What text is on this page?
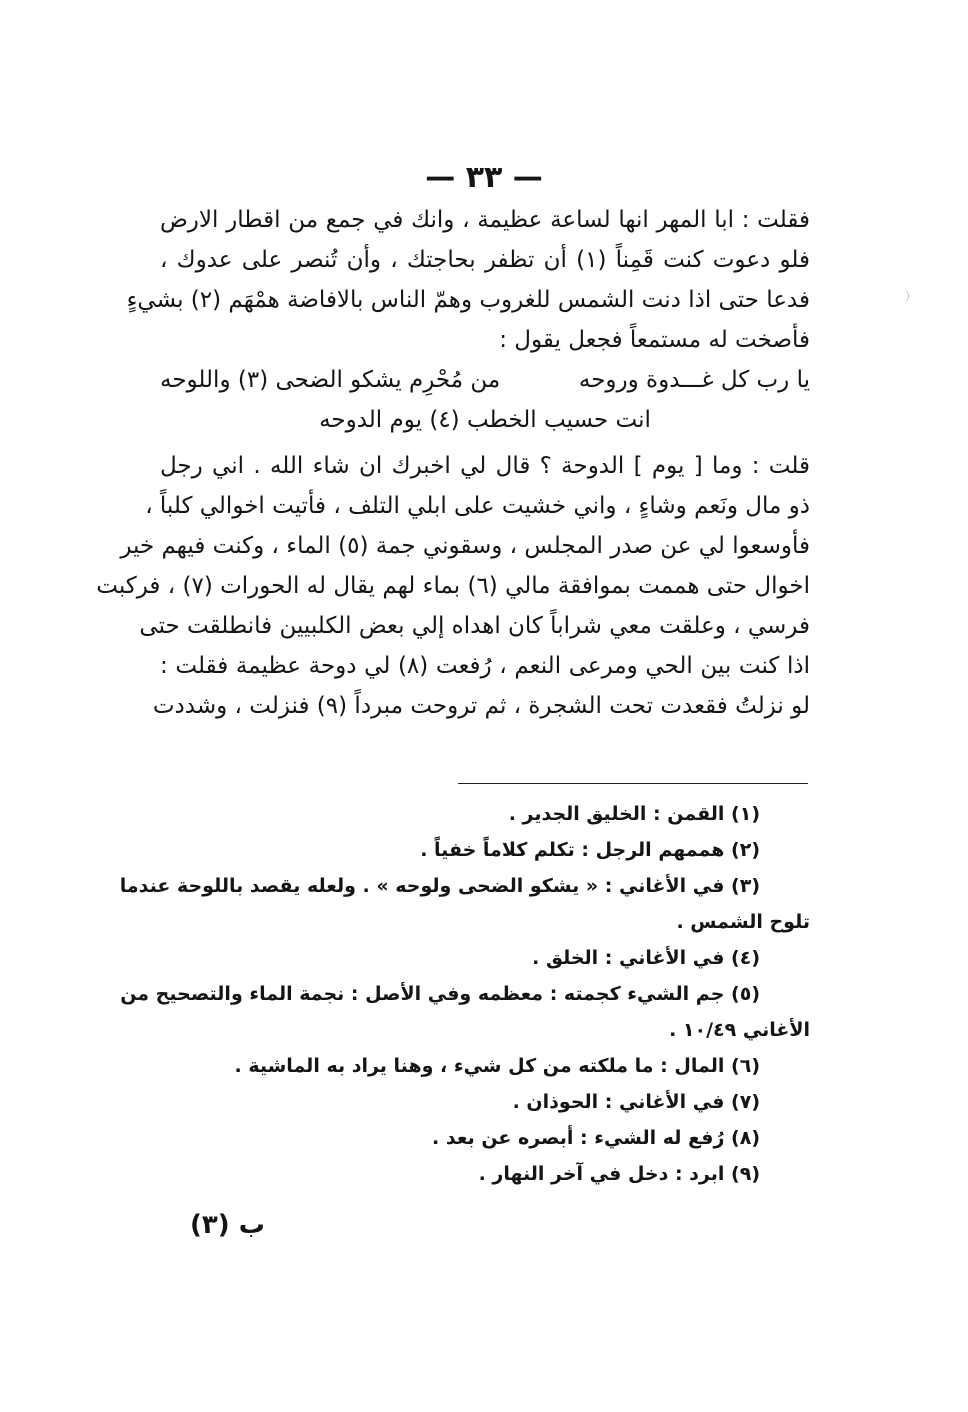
— ٣٣ —
فقلت : ابا المهر انها لساعة عظيمة ، وانك في جمع من اقطار الارض
فلو دعوت كنت قَمِناً (١) أن تظفر بحاجتك ، وأن تُنصر على عدوك ،
فدعا حتى اذا دنت الشمس للغروب وهمّ الناس بالافاضة همْهَم (٢) بشيءٍ
فأصخت له مستمعاً فجعل يقول :
يا رب كل غـــدوة وروحه
من مُحْرِم يشكو الضحى (٣) واللوحه
انت حسيب الخطب (٤) يوم الدوحه
قلت : وما [ يوم ] الدوحة ؟ قال لي اخبرك ان شاء الله . اني رجل
ذو مال ونَعم وشاءٍ ، واني خشيت على ابلي التلف ، فأتيت اخوالي كلباً ،
فأوسعوا لي عن صدر المجلس ، وسقوني جمة (٥) الماء ، وكنت فيهم خير
اخوال حتى هممت بموافقة مالي (٦) بماء لهم يقال له الحورات (٧) ، فركبت
فرسي ، وعلقت معي شراباً كان اهداه إلي بعض الكلبيين فانطلقت حتى
اذا كنت بين الحي ومرعى النعم ، رُفعت (٨) لي دوحة عظيمة فقلت :
لو نزلتُ فقعدت تحت الشجرة ، ثم تروحت مبرداً (٩) فنزلت ، وشددت
(١) القمن : الخليق الجدير .
(٢) هممهم الرجل : تكلم كلاماً خفياً .
(٣) في الأغاني : « يشكو الضحى ولوحه » . ولعله يقصد باللوحة عندما
تلوح الشمس .
(٤) في الأغاني : الخلق .
(٥) جم الشيء كجمته : معظمه وفي الأصل : نجمة الماء والتصحيح من
الأغاني ١٠/٤٩ .
(٦) المال : ما ملكته من كل شيء ، وهنا يراد به الماشية .
(٧) في الأغاني : الحوذان .
(٨) رُفع له الشيء : أبصره عن بعد .
(٩) ابرد : دخل في آخر النهار .
ب (٣)
